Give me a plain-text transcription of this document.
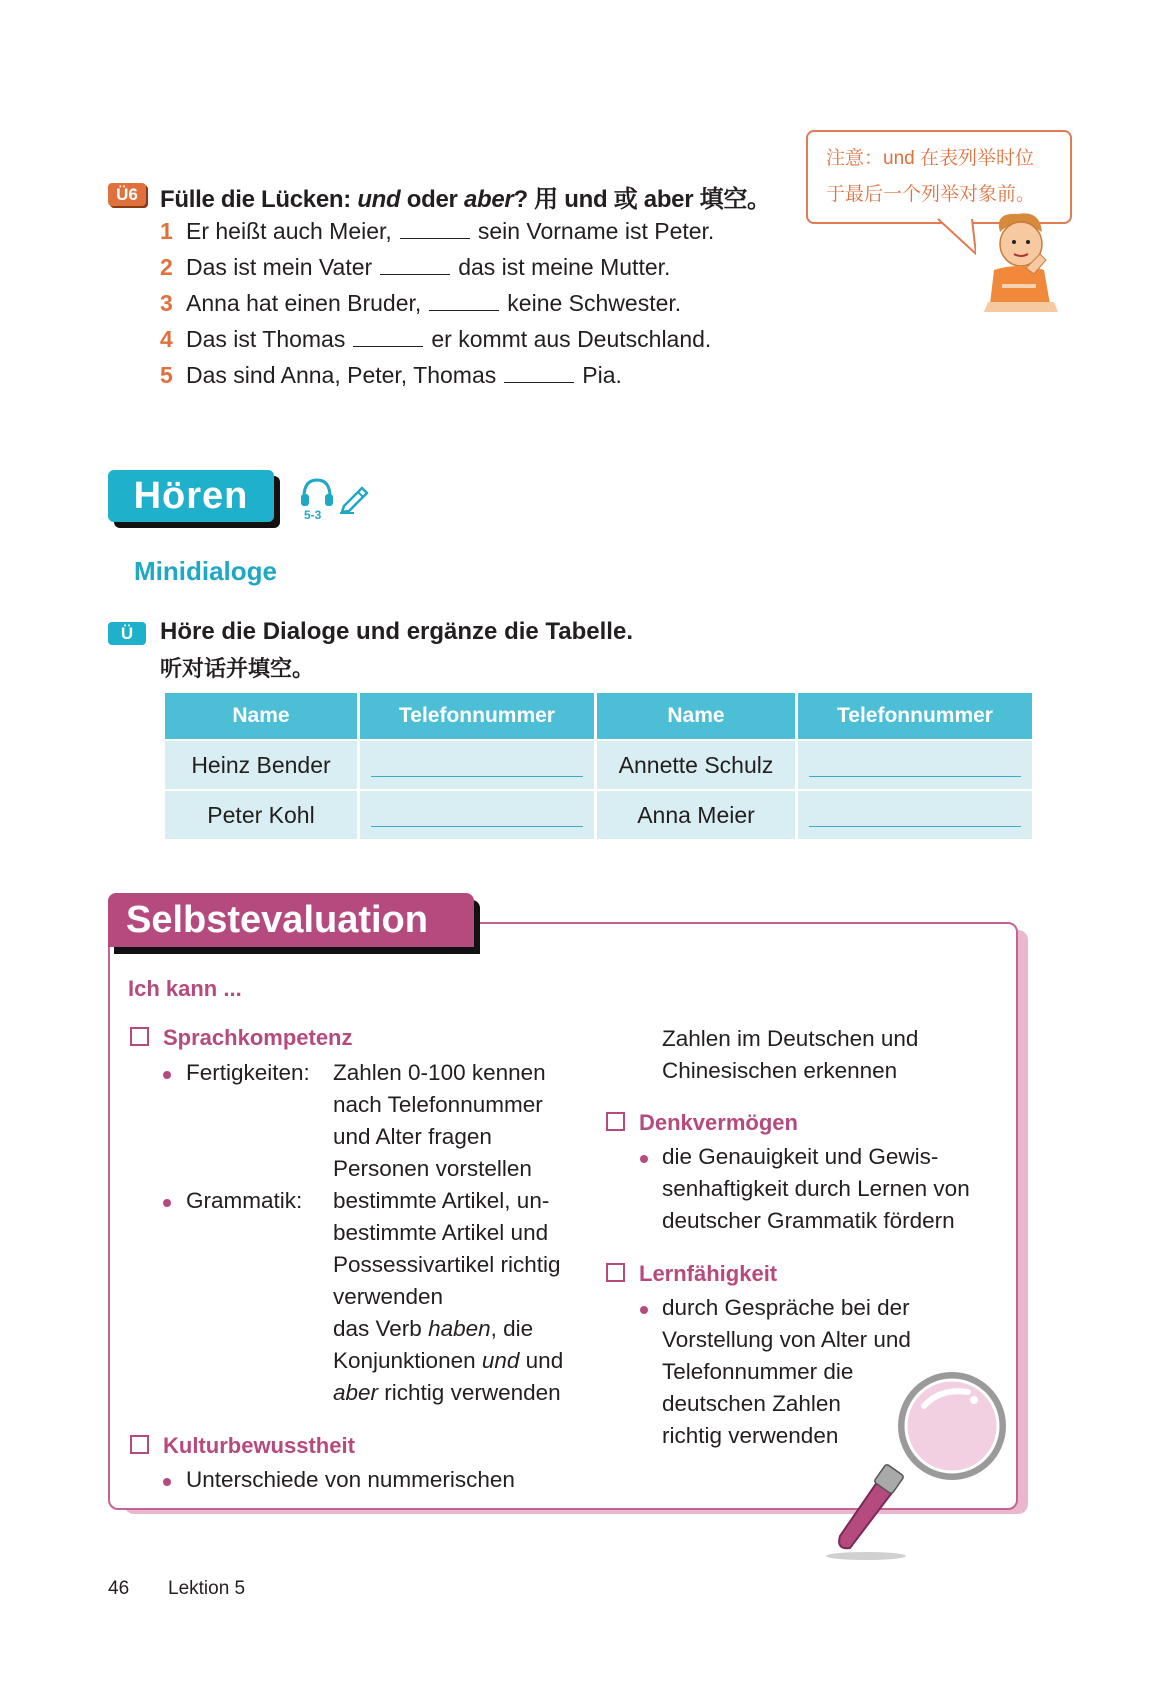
Ü6 Fülle die Lücken: und oder aber? 用 und 或 aber 填空。
1 Er heißt auch Meier,	sein Vorname ist Peter.
2 Das ist mein Vater	das ist meine Mutter.
3 Anna hat einen Bruder,	keine Schwester.
4 Das ist Thomas	er kommt aus Deutschland.
5 Das sind Anna, Peter, Thomas	Pia.
注意：und 在表列举时位
于最后一个列举对象前。
Hören	5-3
Minidialoge
Ü	Höre die Dialoge und ergänze die Tabelle.
听对话并填空。
Name	Telefonnummer	Name	Telefonnummer
Heinz Bender		Annette Schulz	

Peter Kohl		Anna Meier	
Selbstevaluation
Ich kann ...
Sprachkompetenz
Fertigkeiten: Zahlen 0-100 kennen
nach Telefonnummer
und Alter fragen
Personen vorstellen
Grammatik: bestimmte Artikel, un-
bestimmte Artikel und
Possessivartikel richtig
verwenden
das Verb haben, die
Konjunktionen und und
aber richtig verwenden
Kulturbewusstheit
Unterschiede von nummerischen
Zahlen im Deutschen und
Chinesischen erkennen
Denkvermögen
die Genauigkeit und Gewis-
senhaftigkeit durch Lernen von
deutscher Grammatik fördern
Lernfähigkeit
durch Gespräche bei der
Vorstellung von Alter und
Telefonnummer die
deutschen Zahlen
richtig verwenden
46 Lektion 5
